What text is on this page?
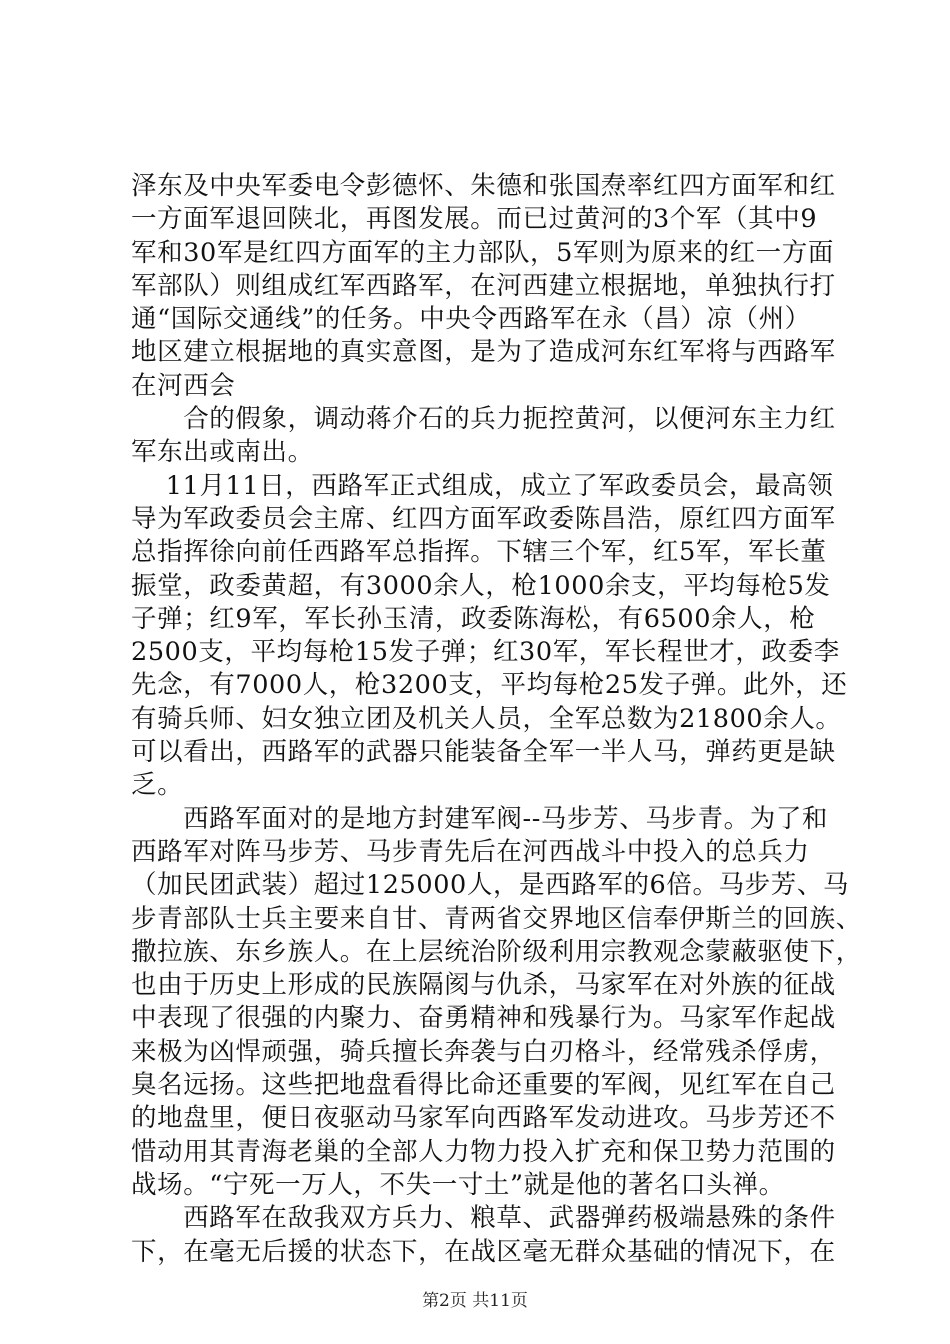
泽东及中央军委电令彭德怀、朱德和张国焘率红四方面军和红

一方面军退回陕北，再图发展。而已过黄河的3个军（其中9

军和30军是红四方面军的主力部队，5军则为原来的红一方面

军部队）则组成红军西路军，在河西建立根据地，单独执行打

通“国际交通线”的任务。中央令西路军在永（昌）凉（州）

地区建立根据地的真实意图，是为了造成河东红军将与西路军

在河西会

　　合的假象，调动蒋介石的兵力扼控黄河，以便河东主力红

军东出或南出。

　 11月11日，西路军正式组成，成立了军政委员会，最高领

导为军政委员会主席、红四方面军政委陈昌浩，原红四方面军

总指挥徐向前任西路军总指挥。下辖三个军，红5军，军长董

振堂，政委黄超，有3000余人，枪1000余支，平均每枪5发

子弹；红9军，军长孙玉清，政委陈海松，有6500余人，枪

2500支，平均每枪15发子弹；红30军，军长程世才，政委李

先念，有7000人，枪3200支，平均每枪25发子弹。此外，还

有骑兵师、妇女独立团及机关人员，全军总数为21800余人。

可以看出，西路军的武器只能装备全军一半人马，弹药更是缺

乏。

　　西路军面对的是地方封建军阀--马步芳、马步青。为了和

西路军对阵马步芳、马步青先后在河西战斗中投入的总兵力

（加民团武装）超过125000人，是西路军的6倍。马步芳、马

步青部队士兵主要来自甘、青两省交界地区信奉伊斯兰的回族、

撒拉族、东乡族人。在上层统治阶级利用宗教观念蒙蔽驱使下，

也由于历史上形成的民族隔阂与仇杀，马家军在对外族的征战

中表现了很强的内聚力、奋勇精神和残暴行为。马家军作起战

来极为凶悍顽强，骑兵擅长奔袭与白刃格斗，经常残杀俘虏，

臭名远扬。这些把地盘看得比命还重要的军阀，见红军在自己

的地盘里，便日夜驱动马家军向西路军发动进攻。马步芳还不

惜动用其青海老巢的全部人力物力投入扩充和保卫势力范围的

战场。“宁死一万人，不失一寸土”就是他的著名口头禅。

　　西路军在敌我双方兵力、粮草、武器弹药极端悬殊的条件

下，在毫无后援的状态下，在战区毫无群众基础的情况下，在

第2页 共11页
